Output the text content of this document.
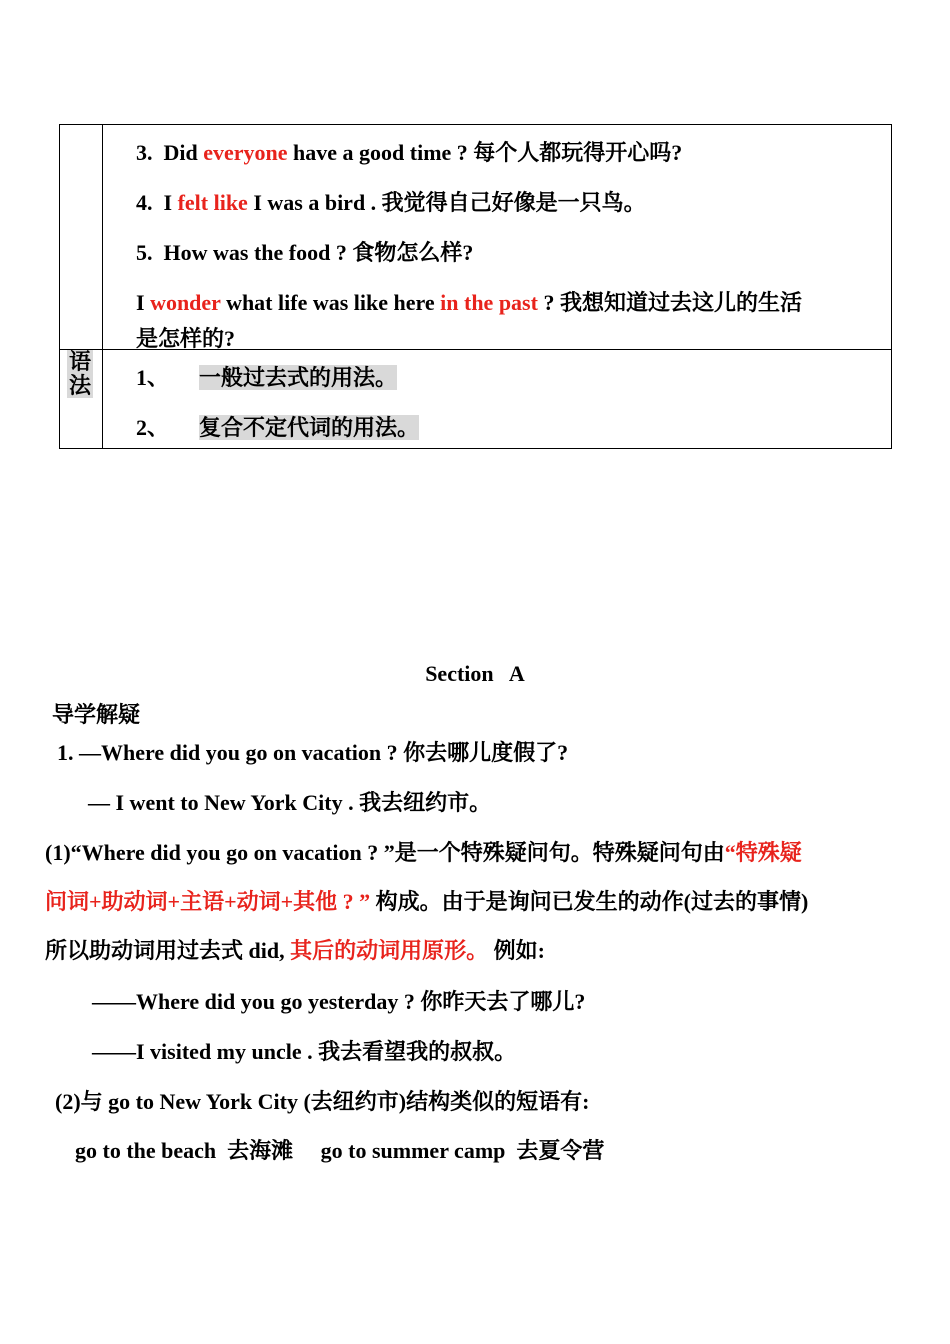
3. Did everyone have a good time ? 每个人都玩得开心吗?
4. I felt like I was a bird . 我觉得自己好像是一只鸟。
5. How was the food ? 食物怎么样?
I wonder what life was like here in the past ? 我想知道过去这儿的生活
是怎样的?
语法 1、 一般过去式的用法。
2、 复合不定代词的用法。
Section   A
导学解疑
1. —Where did you go on vacation ? 你去哪儿度假了?
— I went to New York City . 我去纽约市。
(1)“Where did you go on vacation ? ”是一个特殊疑问句。特殊疑问句由“特殊疑
问词+助动词+主语+动词+其他 ? ” 构成。由于是询问已发生的动作(过去的事情)
所以助动词用过去式 did, 其后的动词用原形。 例如:
——Where did you go yesterday ? 你昨天去了哪儿?
——I visited my uncle . 我去看望我的叔叔。
(2)与 go to New York City (去纽约市)结构类似的短语有:
go to the beach  去海滩     go to summer camp  去夏令营
